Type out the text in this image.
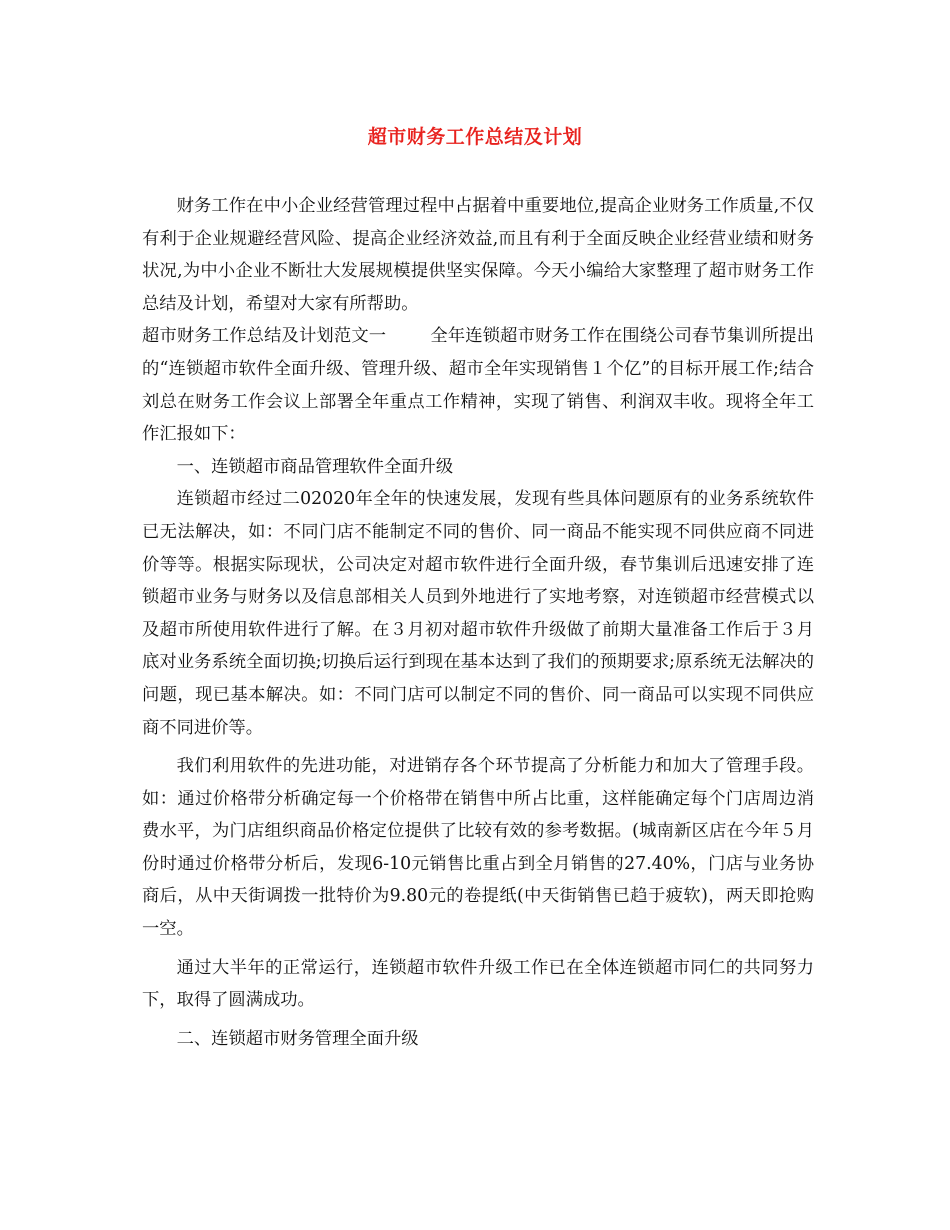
超市财务工作总结及计划

财务工作在中小企业经营管理过程中占据着中重要地位,提高企业财务工作质量,不仅有利于企业规避经营风险、提高企业经济效益,而且有利于全面反映企业经营业绩和财务状况,为中小企业不断壮大发展规模提供坚实保障。今天小编给大家整理了超市财务工作总结及计划，希望对大家有所帮助。

超市财务工作总结及计划范文一	全年连锁超市财务工作在围绕公司春节集训所提出的“连锁超市软件全面升级、管理升级、超市全年实现销售１个亿”的目标开展工作;结合刘总在财务工作会议上部署全年重点工作精神，实现了销售、利润双丰收。现将全年工作汇报如下：

一、连锁超市商品管理软件全面升级

连锁超市经过二02020年全年的快速发展，发现有些具体问题原有的业务系统软件已无法解决，如：不同门店不能制定不同的售价、同一商品不能实现不同供应商不同进价等等。根据实际现状，公司决定对超市软件进行全面升级，春节集训后迅速安排了连锁超市业务与财务以及信息部相关人员到外地进行了实地考察，对连锁超市经营模式以及超市所使用软件进行了解。在３月初对超市软件升级做了前期大量准备工作后于３月底对业务系统全面切换;切换后运行到现在基本达到了我们的预期要求;原系统无法解决的问题，现已基本解决。如：不同门店可以制定不同的售价、同一商品可以实现不同供应商不同进价等。

我们利用软件的先进功能，对进销存各个环节提高了分析能力和加大了管理手段。如：通过价格带分析确定每一个价格带在销售中所占比重，这样能确定每个门店周边消费水平，为门店组织商品价格定位提供了比较有效的参考数据。(城南新区店在今年５月份时通过价格带分析后，发现6-10元销售比重占到全月销售的27.40%，门店与业务协商后，从中天街调拨一批特价为9.80元的卷提纸(中天街销售已趋于疲软)，两天即抢购一空。

通过大半年的正常运行，连锁超市软件升级工作已在全体连锁超市同仁的共同努力下，取得了圆满成功。

二、连锁超市财务管理全面升级
